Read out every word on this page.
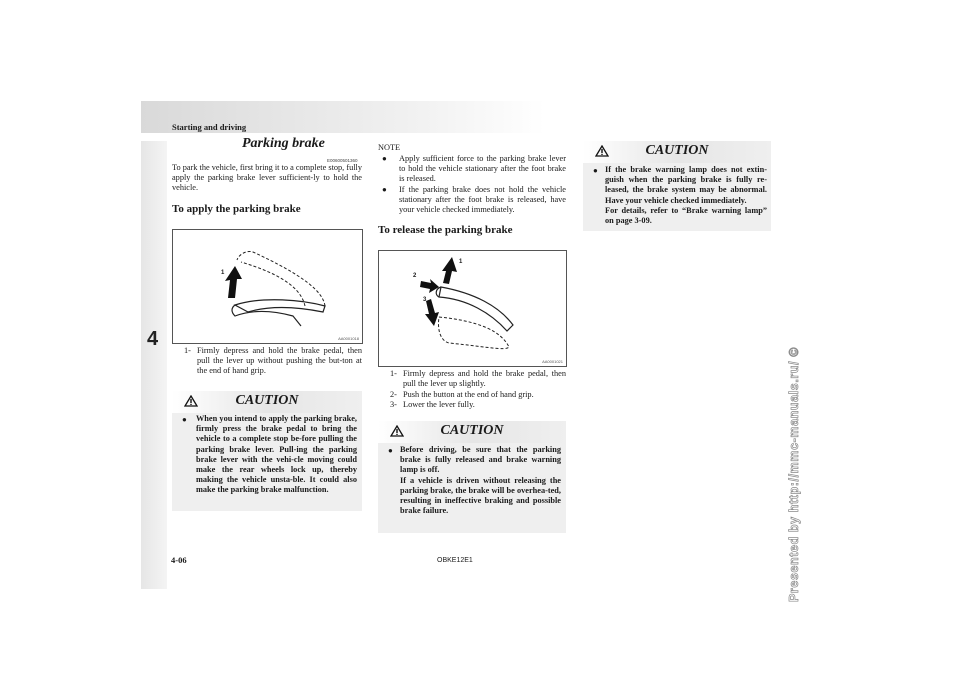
Starting and driving
4
Parking brake
E00600501360
To park the vehicle, first bring it to a complete stop, fully apply the parking brake lever sufficient-ly to hold the vehicle.
To apply the parking brake
1
AA0001018
1- Firmly depress and hold the brake pedal, then pull the lever up without pushing the but-ton at the end of hand grip.
CAUTION
● When you intend to apply the parking brake, firmly press the brake pedal to bring the vehicle to a complete stop be-fore pulling the parking brake lever. Pull-ing the parking brake lever with the vehi-cle moving could make the rear wheels lock up, thereby making the vehicle unsta-ble. It could also make the parking brake malfunction.
NOTE
● Apply sufficient force to the parking brake lever to hold the vehicle stationary after the foot brake is released.
● If the parking brake does not hold the vehicle stationary after the foot brake is released, have your vehicle checked immediately.
To release the parking brake
1
2
3
AA0001021
1- Firmly depress and hold the brake pedal, then pull the lever up slightly.
2- Push the button at the end of hand grip.
3- Lower the lever fully.
CAUTION
● Before driving, be sure that the parking brake is fully released and brake warning lamp is off.
If a vehicle is driven without releasing the parking brake, the brake will be overhea-ted, resulting in ineffective braking and possible brake failure.
CAUTION
● If the brake warning lamp does not extin-guish when the parking brake is fully re-leased, the brake system may be abnormal. Have your vehicle checked immediately.
For details, refer to “Brake warning lamp” on page 3-09.
4-06	OBKE12E1	Presented by http://mmc-manuals.ru/ ©
